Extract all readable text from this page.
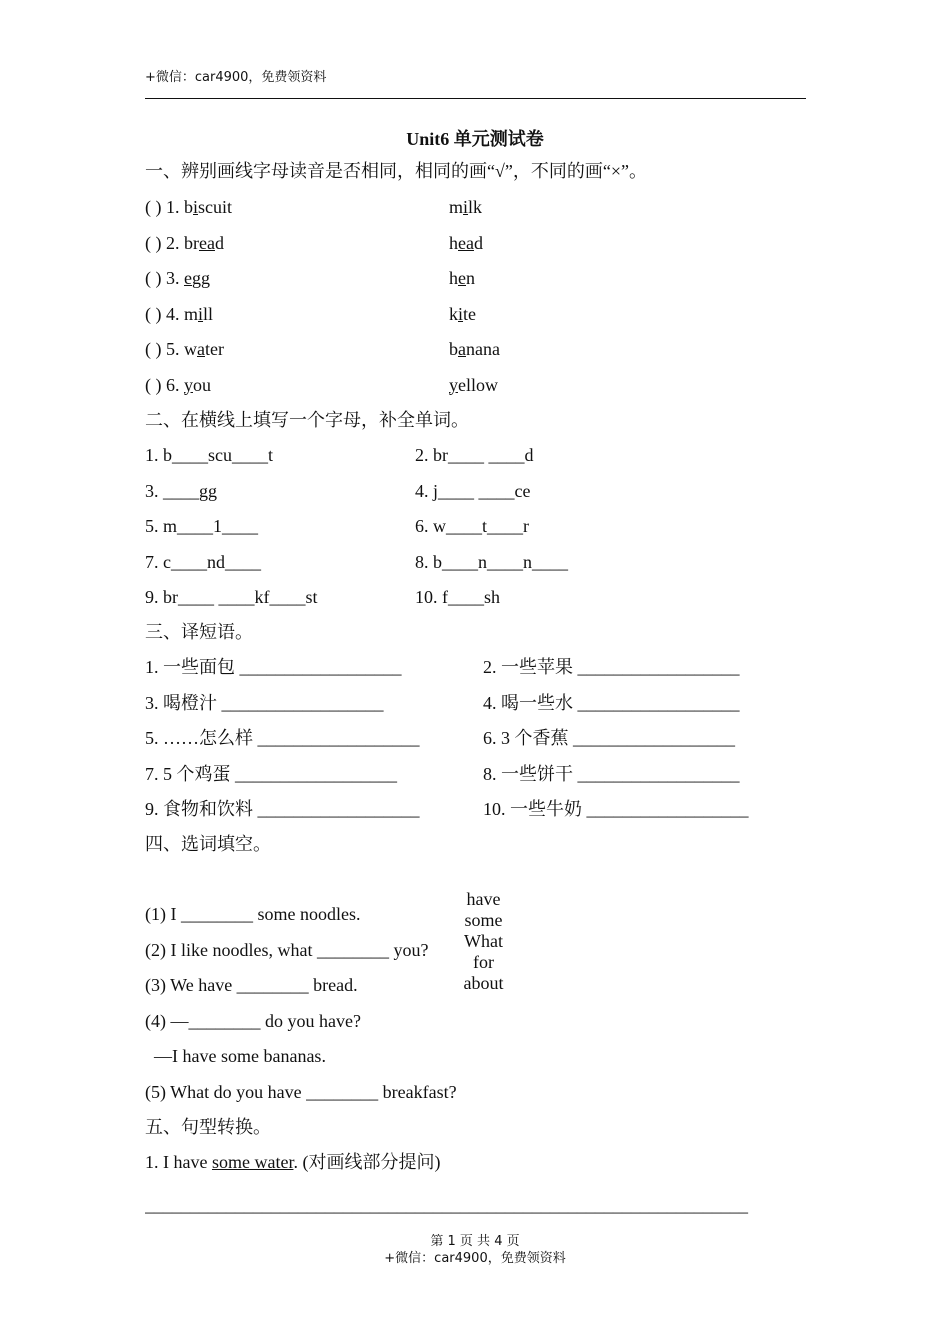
+微信：car4900，免费领资料
Unit6 单元测试卷
一、辨别画线字母读音是否相同，相同的画“√”，不同的画“×”。
( ) 1. biscuit	milk
( ) 2. bread	head
( ) 3. egg	hen
( ) 4. mill	kite
( ) 5. water	banana
( ) 6. you	yellow
二、在横线上填写一个字母，补全单词。
1. b____scu____t	2. br____ ____d
3. ____gg	4. j____ ____ce
5. m____1____	6. w____t____r
7. c____nd____	8. b____n____n____
9. br____ ____kf____st	10. f____sh
三、译短语。
1. 一些面包 __________________	2. 一些苹果 __________________
3. 喝橙汁 __________________	4. 喝一些水 __________________
5. ……怎么样 __________________	6. 3 个香蕉 __________________
7. 5 个鸡蛋 __________________	8. 一些饼干 __________________
9. 食物和饮料 __________________	10. 一些牛奶 __________________
四、选词填空。

have
some
What
for
about

(1) I ________ some noodles.
(2) I like noodles, what ________ you?
(3) We have ________ bread.
(4) —________ do you have?
—I have some bananas.
(5) What do you have ________ breakfast?
五、句型转换。
1. I have some water. (对画线部分提问)
___________________________________________________________________
第 1 页 共 4 页
+微信：car4900，免费领资料
